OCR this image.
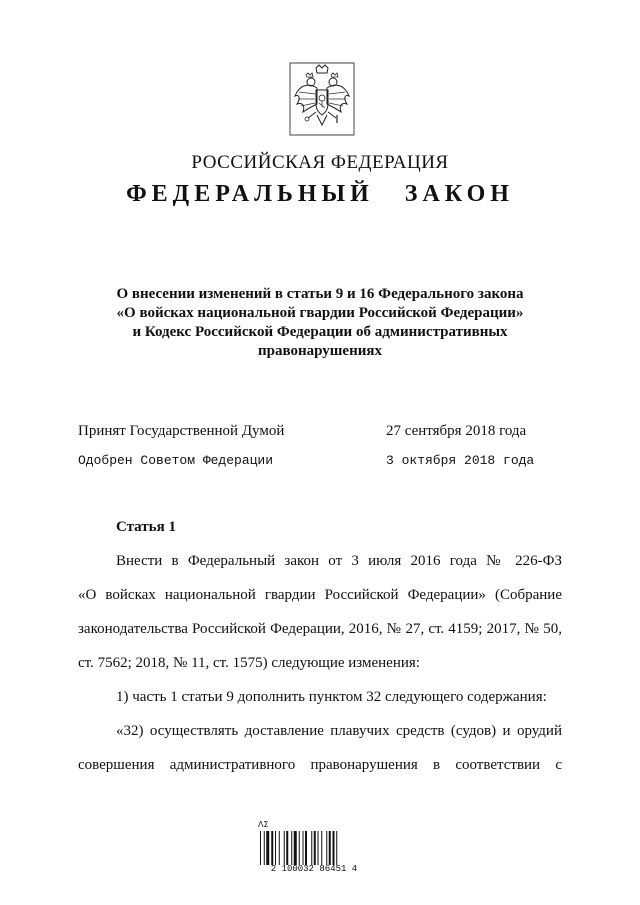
РОССИЙСКАЯ ФЕДЕРАЦИЯ
ФЕДЕРАЛЬНЫЙ ЗАКОН
О внесении изменений в статьи 9 и 16 Федерального закона
«О войсках национальной гвардии Российской Федерации»
и Кодекс Российской Федерации об административных
правонарушениях
Принят Государственной Думой	27 сентября 2018 года
Одобрен Советом Федерации	3 октября 2018 года
Статья 1
Внести в Федеральный закон от 3 июля 2016 года № 226-ФЗ
«О войсках национальной гвардии Российской Федерации» (Собрание
законодательства Российской Федерации, 2016, № 27, ст. 4159; 2017, № 50,
ст. 7562; 2018, № 11, ст. 1575) следующие изменения:
1) часть 1 статьи 9 дополнить пунктом 32 следующего содержания:
«32) осуществлять доставление плавучих средств (судов) и орудий
совершения административного правонарушения в соответствии с
ΛΣ
2 100032 86451 4
